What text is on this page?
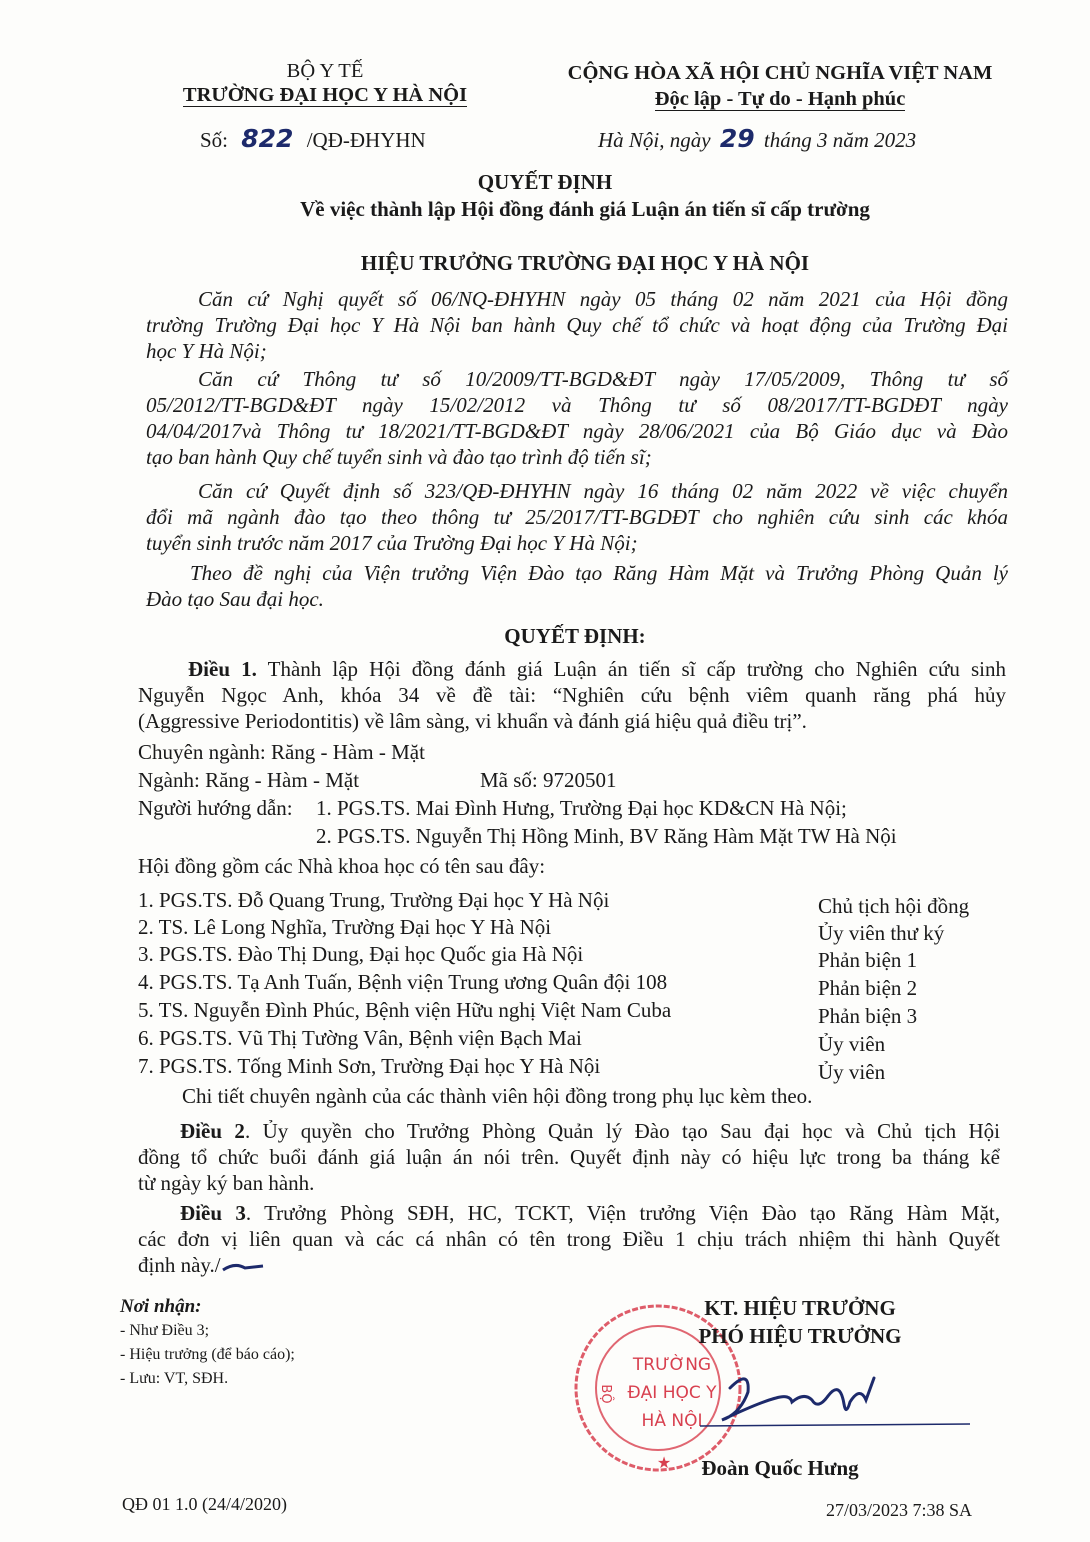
BỘ Y TẾ
TRƯỜNG ĐẠI HỌC Y HÀ NỘI
Số: 822 /QĐ-ĐHYHN
CỘNG HÒA XÃ HỘI CHỦ NGHĨA VIỆT NAM
Độc lập - Tự do - Hạnh phúc
Hà Nội, ngày 29 tháng 3 năm 2023
QUYẾT ĐỊNH
Về việc thành lập Hội đồng đánh giá Luận án tiến sĩ cấp trường
HIỆU TRƯỞNG TRƯỜNG ĐẠI HỌC Y HÀ NỘI
Căn cứ Nghị quyết số 06/NQ-ĐHYHN ngày 05 tháng 02 năm 2021 của Hội đồng
trường Trường Đại học Y Hà Nội ban hành Quy chế tổ chức và hoạt động của Trường Đại
học Y Hà Nội;
Căn cứ Thông tư số 10/2009/TT-BGD&ĐT ngày 17/05/2009, Thông tư số
05/2012/TT-BGD&ĐT ngày 15/02/2012 và Thông tư số 08/2017/TT-BGDĐT ngày
04/04/2017và Thông tư 18/2021/TT-BGD&ĐT ngày 28/06/2021 của Bộ Giáo dục và Đào
tạo ban hành Quy chế tuyển sinh và đào tạo trình độ tiến sĩ;
Căn cứ Quyết định số 323/QĐ-ĐHYHN ngày 16 tháng 02 năm 2022 về việc chuyển
đổi mã ngành đào tạo theo thông tư 25/2017/TT-BGDĐT cho nghiên cứu sinh các khóa
tuyển sinh trước năm 2017 của Trường Đại học Y Hà Nội;
Theo đề nghị của Viện trưởng Viện Đào tạo Răng Hàm Mặt và Trưởng Phòng Quản lý
Đào tạo Sau đại học.
QUYẾT ĐỊNH:
Điều 1. Thành lập Hội đồng đánh giá Luận án tiến sĩ cấp trường cho Nghiên cứu sinh
Nguyễn Ngọc Anh, khóa 34 về đề tài: “Nghiên cứu bệnh viêm quanh răng phá hủy
(Aggressive Periodontitis) về lâm sàng, vi khuẩn và đánh giá hiệu quả điều trị”.
Chuyên ngành: Răng - Hàm - Mặt
Ngành: Răng - Hàm - Mặt	Mã số: 9720501
Người hướng dẫn: 1. PGS.TS. Mai Đình Hưng, Trường Đại học KD&CN Hà Nội;
2. PGS.TS. Nguyễn Thị Hồng Minh, BV Răng Hàm Mặt TW Hà Nội
Hội đồng gồm các Nhà khoa học có tên sau đây:
1. PGS.TS. Đỗ Quang Trung, Trường Đại học Y Hà Nội	Chủ tịch hội đồng
2. TS. Lê Long Nghĩa, Trường Đại học Y Hà Nội	Ủy viên thư ký
3. PGS.TS. Đào Thị Dung, Đại học Quốc gia Hà Nội	Phản biện 1
4. PGS.TS. Tạ Anh Tuấn, Bệnh viện Trung ương Quân đội 108	Phản biện 2
5. TS. Nguyễn Đình Phúc, Bệnh viện Hữu nghị Việt Nam Cuba	Phản biện 3
6. PGS.TS. Vũ Thị Tường Vân, Bệnh viện Bạch Mai	Ủy viên
7. PGS.TS. Tống Minh Sơn, Trường Đại học Y Hà Nội	Ủy viên
Chi tiết chuyên ngành của các thành viên hội đồng trong phụ lục kèm theo.
Điều 2. Ủy quyền cho Trưởng Phòng Quản lý Đào tạo Sau đại học và Chủ tịch Hội
đồng tổ chức buổi đánh giá luận án nói trên. Quyết định này có hiệu lực trong ba tháng kể
từ ngày ký ban hành.
Điều 3. Trưởng Phòng SĐH, HC, TCKT, Viện trưởng Viện Đào tạo Răng Hàm Mặt,
các đơn vị liên quan và các cá nhân có tên trong Điều 1 chịu trách nhiệm thi hành Quyết
định này./
Nơi nhận:
- Như Điều 3;
- Hiệu trưởng (để báo cáo);
- Lưu: VT, SĐH.
TRƯỜNG
ĐẠI HỌC Y
HÀ NỘI
BỘ
★
KT. HIỆU TRƯỞNG
PHÓ HIỆU TRƯỞNG
Đoàn Quốc Hưng
QĐ 01 1.0 (24/4/2020)	27/03/2023 7:38 SA
